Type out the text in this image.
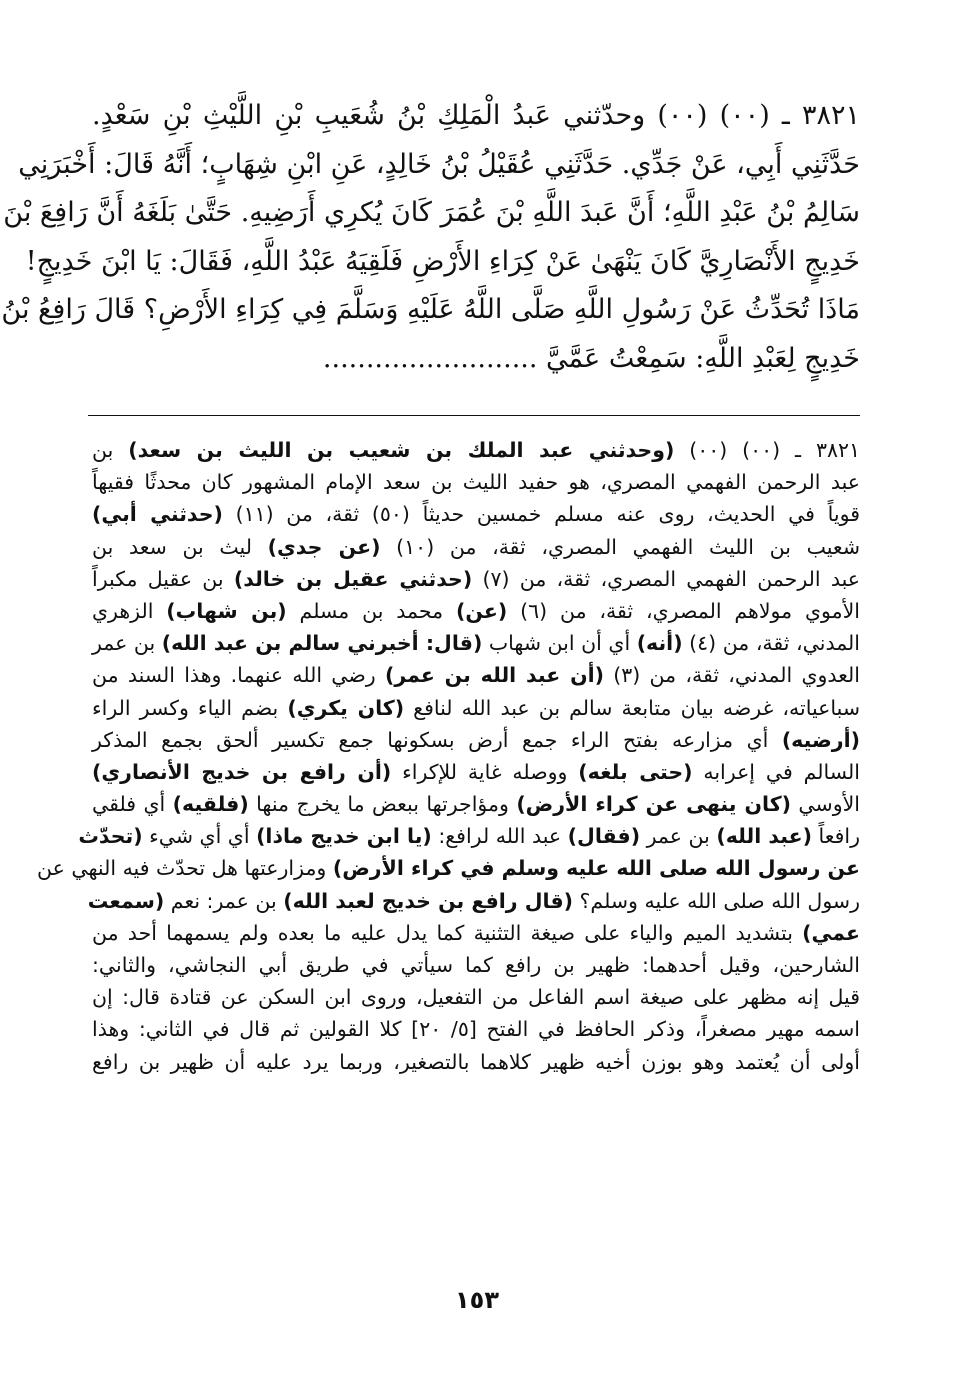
٣٨٢١ ـ (٠٠) (٠٠) وحدّثني عَبدُ الْمَلِكِ بْنُ شُعَيبِ بْنِ اللَّيْثِ بْنِ سَعْدٍ.
حَدَّثَنِي أَبِي، عَنْ جَدِّي. حَدَّثَنِي عُقَيْلُ بْنُ خَالِدٍ، عَنِ ابْنِ شِهَابٍ؛ أَنَّهُ قَالَ: أَخْبَرَنِي
سَالِمُ بْنُ عَبْدِ اللَّهِ؛ أَنَّ عَبدَ اللَّهِ بْنَ عُمَرَ كَانَ يُكرِي أَرَضِيهِ. حَتَّىٰ بَلَغَهُ أَنَّ رَافِعَ بْنَ
خَدِيجٍ الأَنْصَارِيَّ كَانَ يَنْهَىٰ عَنْ كِرَاءِ الأَرْضِ فَلَقِيَهُ عَبْدُ اللَّهِ، فَقَالَ: يَا ابْنَ خَدِيجٍ!
مَاذَا تُحَدِّثُ عَنْ رَسُولِ اللَّهِ صَلَّى اللَّهُ عَلَيْهِ وَسَلَّمَ فِي كِرَاءِ الأَرْضِ؟ قَالَ رَافِعُ بْنُ
خَدِيجٍ لِعَبْدِ اللَّهِ: سَمِعْتُ عَمَّيَّ .........................
٣٨٢١ ـ (٠٠) (٠٠) (وحدثني عبد الملك بن شعيب بن الليث بن سعد) بن
عبد الرحمن الفهمي المصري، هو حفيد الليث بن سعد الإمام المشهور كان محدثًا فقيهاً
قوياً في الحديث، روى عنه مسلم خمسين حديثاً (٥٠) ثقة، من (١١) (حدثني أبي)
شعيب بن الليث الفهمي المصري، ثقة، من (١٠) (عن جدي) ليث بن سعد بن
عبد الرحمن الفهمي المصري، ثقة، من (٧) (حدثني عقيل بن خالد) بن عقيل مكبراً
الأموي مولاهم المصري، ثقة، من (٦) (عن) محمد بن مسلم (بن شهاب) الزهري
المدني، ثقة، من (٤) (أنه) أي أن ابن شهاب (قال: أخبرني سالم بن عبد الله) بن عمر
العدوي المدني، ثقة، من (٣) (أن عبد الله بن عمر) رضي الله عنهما. وهذا السند من
سباعياته، غرضه بيان متابعة سالم بن عبد الله لنافع (كان يكري) بضم الياء وكسر الراء
(أرضيه) أي مزارعه بفتح الراء جمع أرض بسكونها جمع تكسير ألحق بجمع المذكر
السالم في إعرابه (حتى بلغه) ووصله غاية للإكراء (أن رافع بن خديج الأنصاري)
الأوسي (كان ينهى عن كراء الأرض) ومؤاجرتها ببعض ما يخرج منها (فلقيه) أي فلقي
رافعاً (عبد الله) بن عمر (فقال) عبد الله لرافع: (يا ابن خديج ماذا) أي أي شيء (تحدّث
عن رسول الله صلى الله عليه وسلم في كراء الأرض) ومزارعتها هل تحدّث فيه النهي عن
رسول الله صلى الله عليه وسلم؟ (قال رافع بن خديج لعبد الله) بن عمر: نعم (سمعت
عمي) بتشديد الميم والياء على صيغة التثنية كما يدل عليه ما بعده ولم يسمهما أحد من
الشارحين، وقيل أحدهما: ظهير بن رافع كما سيأتي في طريق أبي النجاشي، والثاني:
قيل إنه مظهر على صيغة اسم الفاعل من التفعيل، وروى ابن السكن عن قتادة قال: إن
اسمه مهير مصغراً، وذكر الحافظ في الفتح [٥/ ٢٠] كلا القولين ثم قال في الثاني: وهذا
أولى أن يُعتمد وهو بوزن أخيه ظهير كلاهما بالتصغير، وربما يرد عليه أن ظهير بن رافع
١٥٣
